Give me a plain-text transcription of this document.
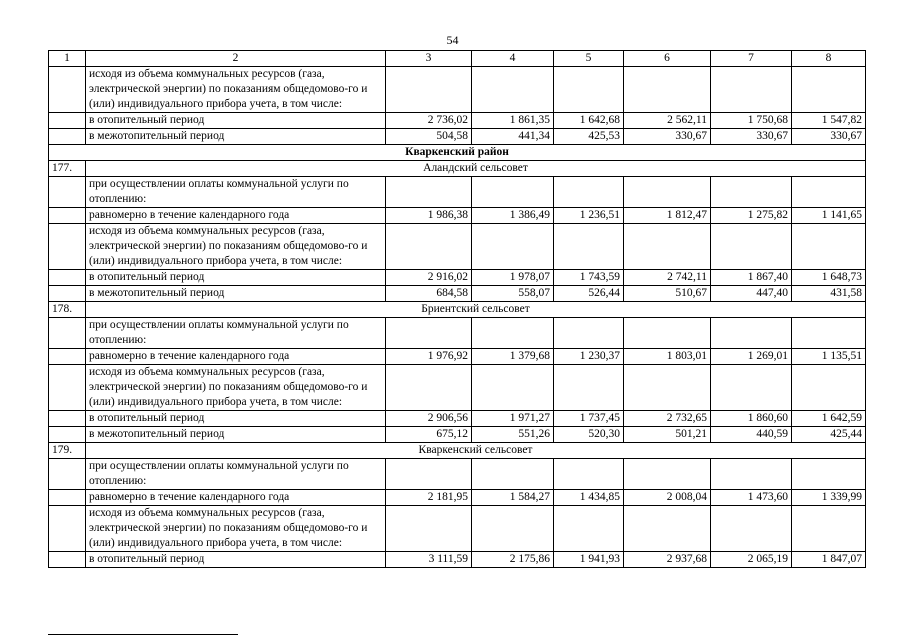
54
1	2	3	4	5	6	7	8
	исходя из объема коммунальных ресурсов (газа, электрической энергии) по показаниям общедомово-го и (или) индивидуального прибора учета, в том числе:						
	в отопительный период	2 736,02	1 861,35	1 642,68	2 562,11	1 750,68	1 547,82
	в межотопительный период	504,58	441,34	425,53	330,67	330,67	330,67
Кваркенский район							
177.	Аландский сельсовет						
	при осуществлении оплаты коммунальной услуги по отоплению:						
	равномерно в течение календарного года	1 986,38	1 386,49	1 236,51	1 812,47	1 275,82	1 141,65
	исходя из объема коммунальных ресурсов (газа, электрической энергии) по показаниям общедомово-го и (или) индивидуального прибора учета, в том числе:						
	в отопительный период	2 916,02	1 978,07	1 743,59	2 742,11	1 867,40	1 648,73
	в межотопительный период	684,58	558,07	526,44	510,67	447,40	431,58
178.	Бриентский сельсовет						
	при осуществлении оплаты коммунальной услуги по отоплению:						
	равномерно в течение календарного года	1 976,92	1 379,68	1 230,37	1 803,01	1 269,01	1 135,51
	исходя из объема коммунальных ресурсов (газа, электрической энергии) по показаниям общедомово-го и (или) индивидуального прибора учета, в том числе:						
	в отопительный период	2 906,56	1 971,27	1 737,45	2 732,65	1 860,60	1 642,59
	в межотопительный период	675,12	551,26	520,30	501,21	440,59	425,44
179.	Кваркенский сельсовет						
	при осуществлении оплаты коммунальной услуги по отоплению:						
	равномерно в течение календарного года	2 181,95	1 584,27	1 434,85	2 008,04	1 473,60	1 339,99
	исходя из объема коммунальных ресурсов (газа, электрической энергии) по показаниям общедомово-го и (или) индивидуального прибора учета, в том числе:						
	в отопительный период	3 111,59	2 175,86	1 941,93	2 937,68	2 065,19	1 847,07
